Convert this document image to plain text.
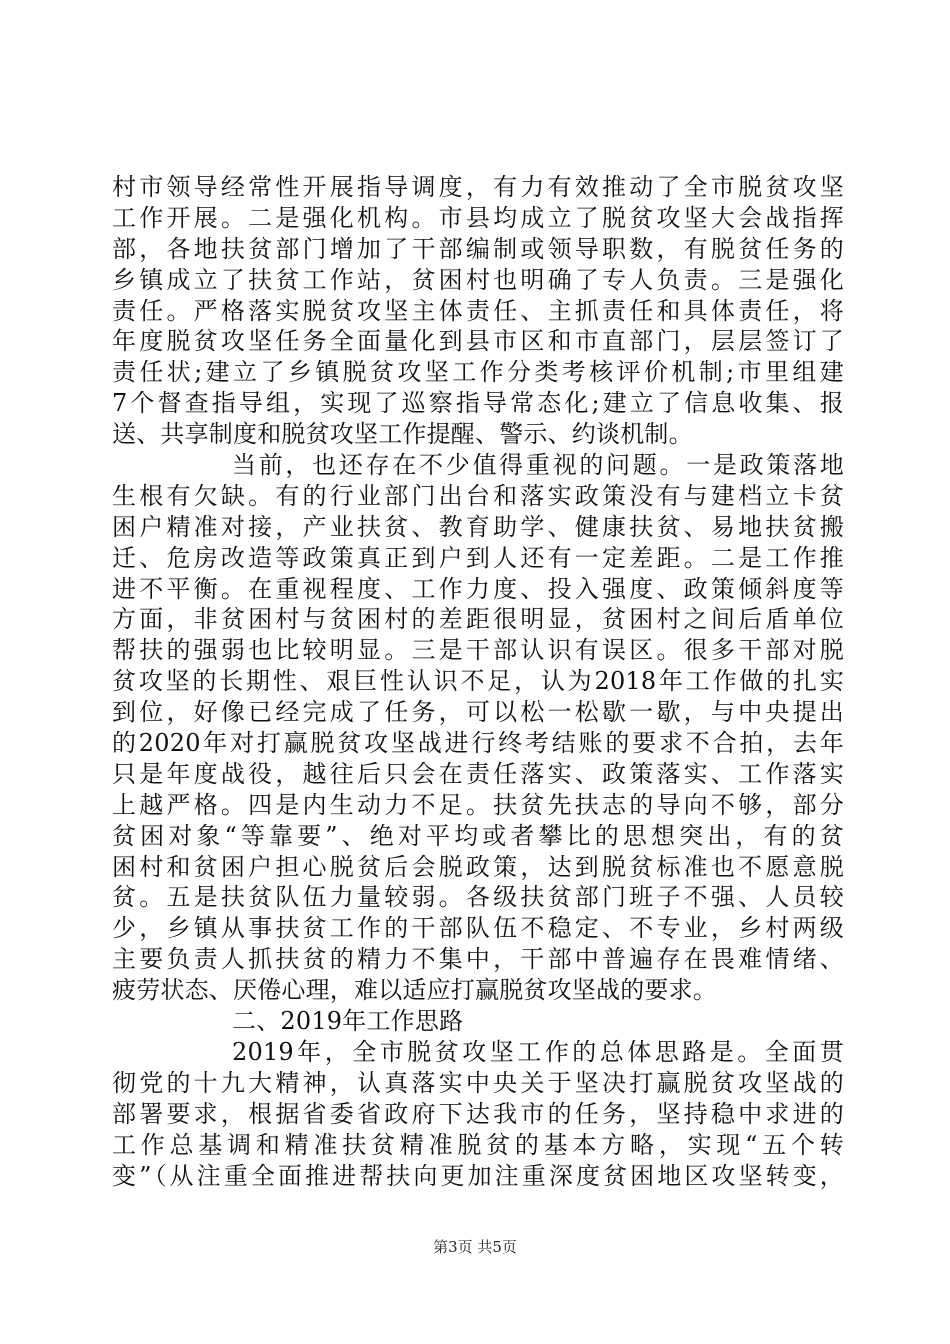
村市领导经常性开展指导调度，有力有效推动了全市脱贫攻坚
工作开展。二是强化机构。市县均成立了脱贫攻坚大会战指挥
部，各地扶贫部门增加了干部编制或领导职数，有脱贫任务的
乡镇成立了扶贫工作站，贫困村也明确了专人负责。三是强化
责任。严格落实脱贫攻坚主体责任、主抓责任和具体责任，将
年度脱贫攻坚任务全面量化到县市区和市直部门，层层签订了
责任状;建立了乡镇脱贫攻坚工作分类考核评价机制;市里组建
7个督查指导组，实现了巡察指导常态化;建立了信息收集、报
送、共享制度和脱贫攻坚工作提醒、警示、约谈机制。
当前，也还存在不少值得重视的问题。一是政策落地
生根有欠缺。有的行业部门出台和落实政策没有与建档立卡贫
困户精准对接，产业扶贫、教育助学、健康扶贫、易地扶贫搬
迁、危房改造等政策真正到户到人还有一定差距。二是工作推
进不平衡。在重视程度、工作力度、投入强度、政策倾斜度等
方面，非贫困村与贫困村的差距很明显，贫困村之间后盾单位
帮扶的强弱也比较明显。三是干部认识有误区。很多干部对脱
贫攻坚的长期性、艰巨性认识不足，认为2018年工作做的扎实
到位，好像已经完成了任务，可以松一松歇一歇，与中央提出
的2020年对打赢脱贫攻坚战进行终考结账的要求不合拍，去年
只是年度战役，越往后只会在责任落实、政策落实、工作落实
上越严格。四是内生动力不足。扶贫先扶志的导向不够，部分
贫困对象“等靠要”、绝对平均或者攀比的思想突出，有的贫
困村和贫困户担心脱贫后会脱政策，达到脱贫标准也不愿意脱
贫。五是扶贫队伍力量较弱。各级扶贫部门班子不强、人员较
少，乡镇从事扶贫工作的干部队伍不稳定、不专业，乡村两级
主要负责人抓扶贫的精力不集中，干部中普遍存在畏难情绪、
疲劳状态、厌倦心理，难以适应打赢脱贫攻坚战的要求。
二、2019年工作思路
2019年，全市脱贫攻坚工作的总体思路是。全面贯
彻党的十九大精神，认真落实中央关于坚决打赢脱贫攻坚战的
部署要求，根据省委省政府下达我市的任务，坚持稳中求进的
工作总基调和精准扶贫精准脱贫的基本方略，实现“五个转
变”（从注重全面推进帮扶向更加注重深度贫困地区攻坚转变，
第3页 共5页
